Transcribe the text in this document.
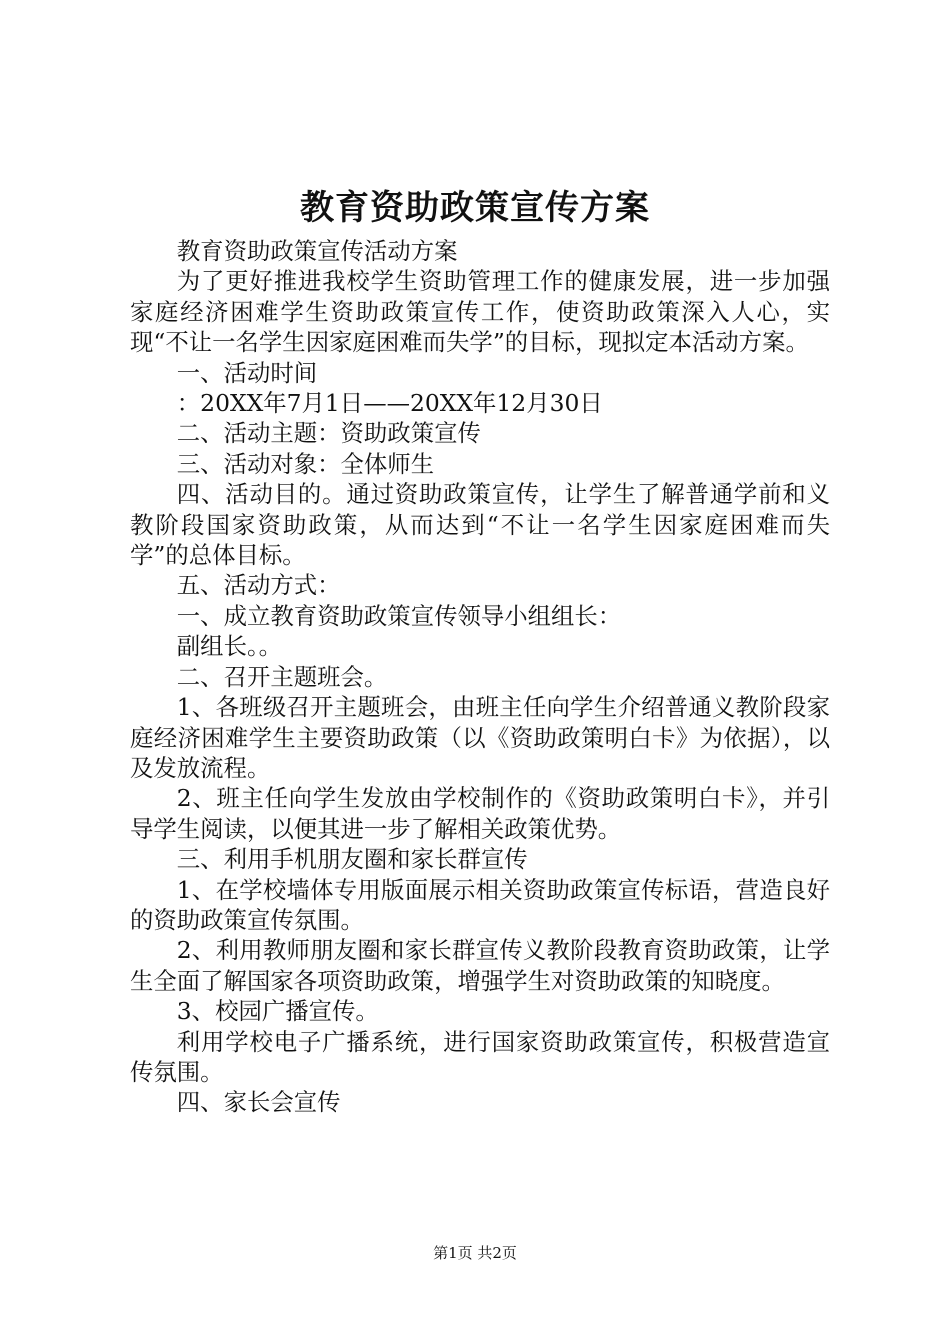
教育资助政策宣传方案

教育资助政策宣传活动方案

为了更好推进我校学生资助管理工作的健康发展，进一步加强家庭经济困难学生资助政策宣传工作，使资助政策深入人心，实现“不让一名学生因家庭困难而失学”的目标，现拟定本活动方案。

一、活动时间

：20XX年7月1日——20XX年12月30日

二、活动主题：资助政策宣传

三、活动对象：全体师生

四、活动目的。通过资助政策宣传，让学生了解普通学前和义教阶段国家资助政策，从而达到“不让一名学生因家庭困难而失学”的总体目标。

五、活动方式：

一、成立教育资助政策宣传领导小组组长：

副组长。。

二、召开主题班会。

1、各班级召开主题班会，由班主任向学生介绍普通义教阶段家庭经济困难学生主要资助政策（以《资助政策明白卡》为依据），以及发放流程。

2、班主任向学生发放由学校制作的《资助政策明白卡》，并引导学生阅读，以便其进一步了解相关政策优势。

三、利用手机朋友圈和家长群宣传

1、在学校墙体专用版面展示相关资助政策宣传标语，营造良好的资助政策宣传氛围。

2、利用教师朋友圈和家长群宣传义教阶段教育资助政策，让学生全面了解国家各项资助政策，增强学生对资助政策的知晓度。

3、校园广播宣传。

利用学校电子广播系统，进行国家资助政策宣传，积极营造宣传氛围。

四、家长会宣传

第1页 共2页
